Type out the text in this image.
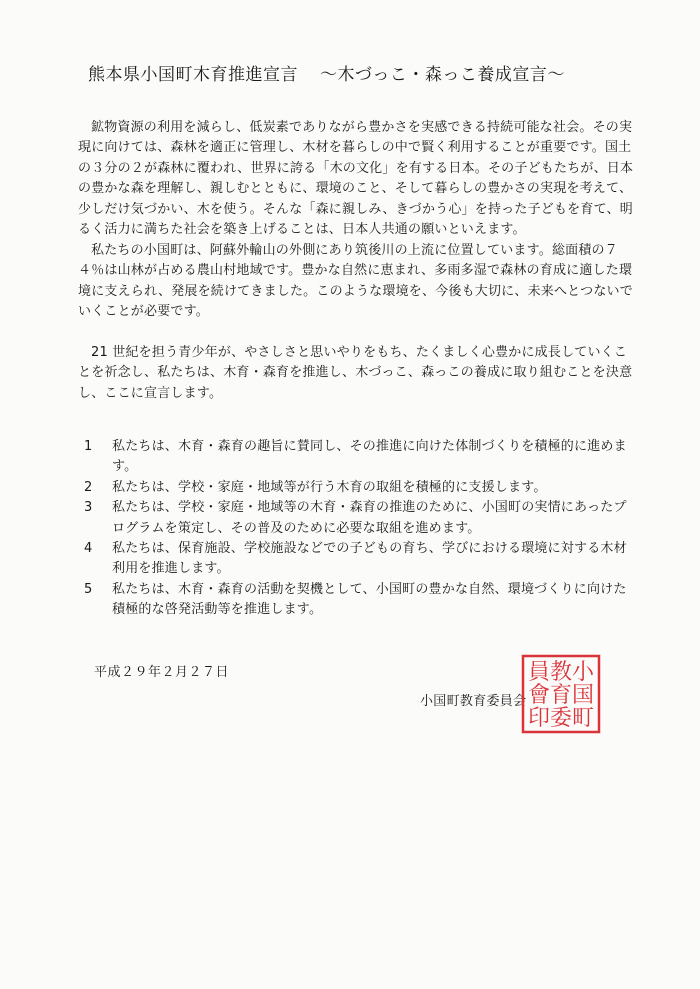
熊本県小国町木育推進宣言 〜木づっこ・森っこ養成宣言〜

鉱物資源の利用を減らし、低炭素でありながら豊かさを実感できる持続可能な社会。その実現に向けては、森林を適正に管理し、木材を暮らしの中で賢く利用することが重要です。国土の３分の２が森林に覆われ、世界に誇る「木の文化」を有する日本。その子どもたちが、日本の豊かな森を理解し、親しむとともに、環境のこと、そして暮らしの豊かさの実現を考えて、少しだけ気づかい、木を使う。そんな「森に親しみ、きづかう心」を持った子どもを育て、明るく活力に満ちた社会を築き上げることは、日本人共通の願いといえます。

私たちの小国町は、阿蘇外輪山の外側にあり筑後川の上流に位置しています。総面積の７４％は山林が占める農山村地域です。豊かな自然に恵まれ、多雨多湿で森林の育成に適した環境に支えられ、発展を続けてきました。このような環境を、今後も大切に、未来へとつないでいくことが必要です。

21 世紀を担う青少年が、やさしさと思いやりをもち、たくましく心豊かに成長していくことを祈念し、私たちは、木育・森育を推進し、木づっこ、森っこの養成に取り組むことを決意し、ここに宣言します。

1	私たちは、木育・森育の趣旨に賛同し、その推進に向けた体制づくりを積極的に進めます。
2	私たちは、学校・家庭・地域等が行う木育の取組を積極的に支援します。
3	私たちは、学校・家庭・地域等の木育・森育の推進のために、小国町の実情にあったプログラムを策定し、その普及のために必要な取組を進めます。
4	私たちは、保育施設、学校施設などでの子どもの育ち、学びにおける環境に対する木材利用を推進します。
5	私たちは、木育・森育の活動を契機として、小国町の豊かな自然、環境づくりに向けた積極的な啓発活動等を推進します。
平成２９年２月２７日
小国町教育委員会
小
国
町
教
育
委
員
會
印
